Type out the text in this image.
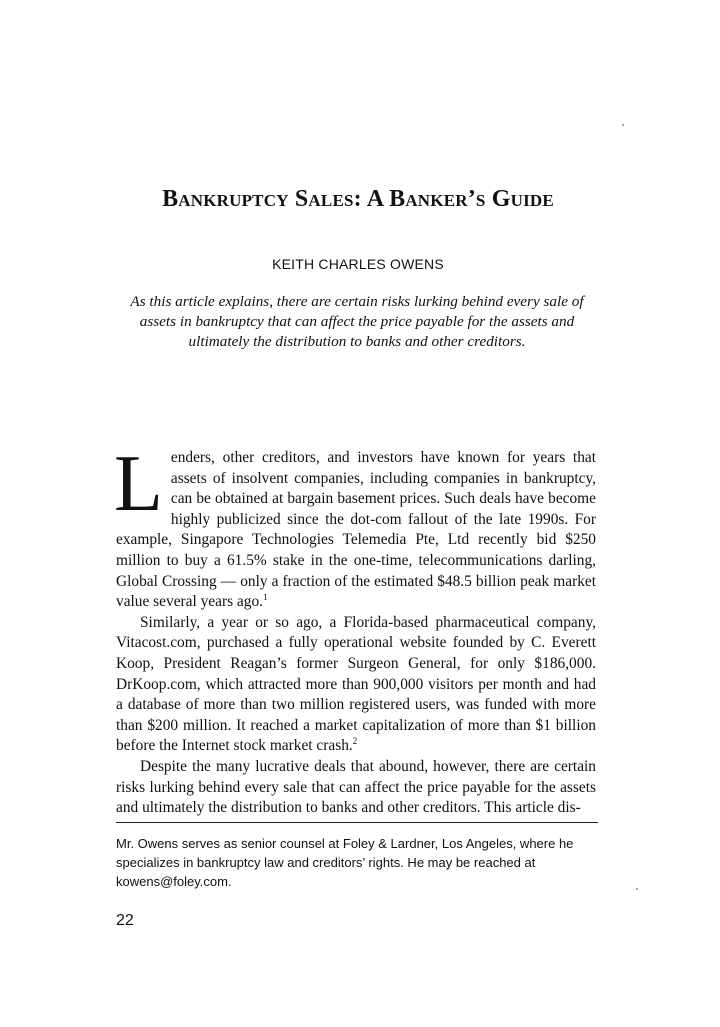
Bankruptcy Sales: A Banker’s Guide

KEITH CHARLES OWENS

As this article explains, there are certain risks lurking behind every sale of assets in bankruptcy that can affect the price payable for the assets and ultimately the distribution to banks and other creditors.

Lenders, other creditors, and investors have known for years that assets of insolvent companies, including companies in bankruptcy, can be obtained at bargain basement prices. Such deals have become highly publicized since the dot-com fallout of the late 1990s. For example, Singapore Technologies Telemedia Pte, Ltd recently bid $250 million to buy a 61.5% stake in the one-time, telecommunications darling, Global Crossing — only a fraction of the estimated $48.5 billion peak market value several years ago.$^1$

Similarly, a year or so ago, a Florida-based pharmaceutical company, Vitacost.com, purchased a fully operational website founded by C. Everett Koop, President Reagan’s former Surgeon General, for only $186,000. DrKoop.com, which attracted more than 900,000 visitors per month and had a database of more than two million registered users, was funded with more than $200 million. It reached a market capitalization of more than $1 billion before the Internet stock market crash.$^2$

Despite the many lucrative deals that abound, however, there are certain risks lurking behind every sale that can affect the price payable for the assets and ultimately the distribution to banks and other creditors. This article dis-

Mr. Owens serves as senior counsel at Foley & Lardner, Los Angeles, where he specializes in bankruptcy law and creditors’ rights. He may be reached at kowens@foley.com.

22
